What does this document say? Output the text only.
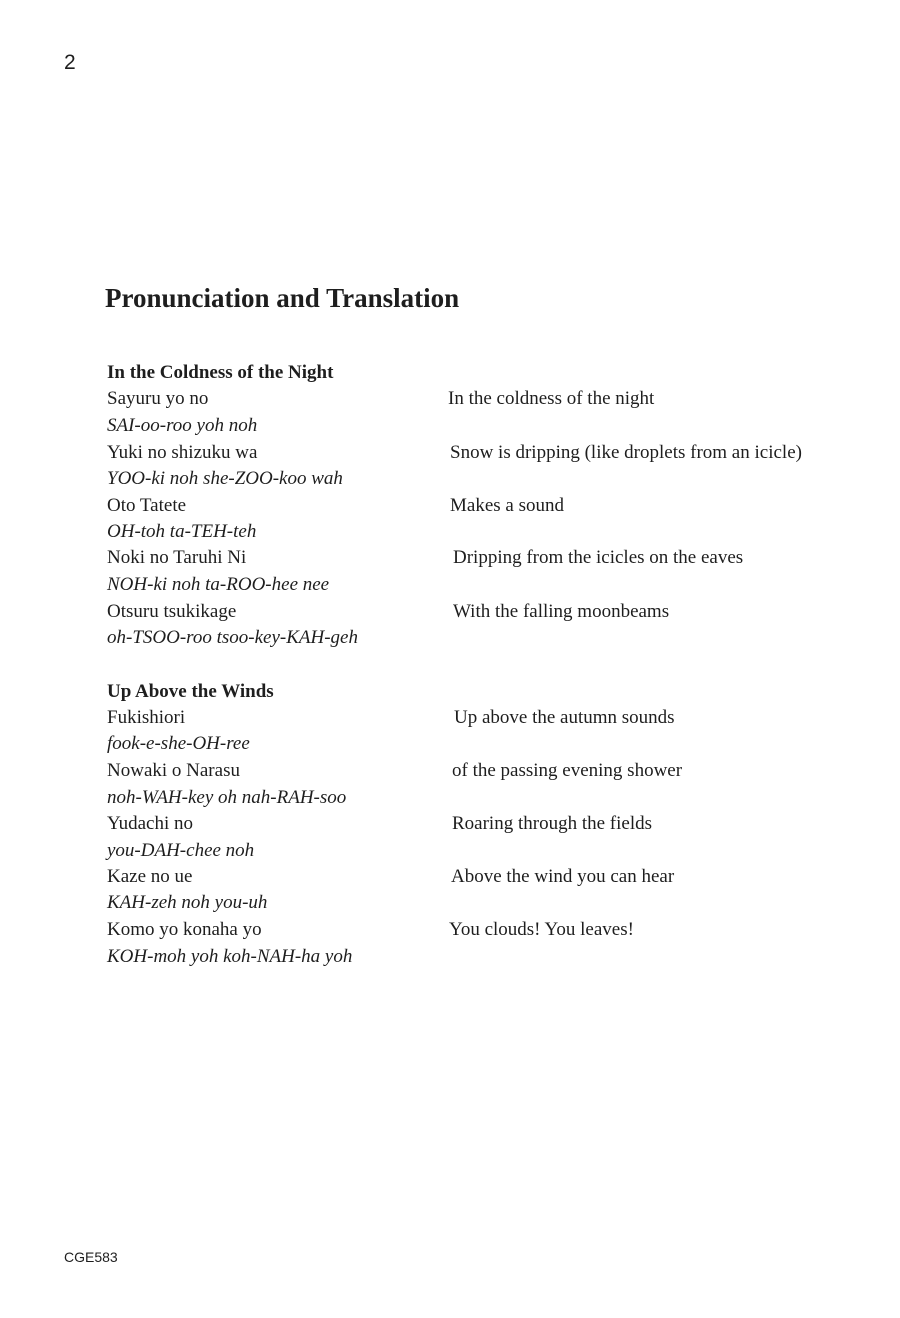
2
Pronunciation and Translation
In the Coldness of the Night
Sayuru yo no	In the coldness of the night
SAI-oo-roo yoh noh
Yuki no shizuku wa	Snow is dripping (like droplets from an icicle)
YOO-ki noh she-ZOO-koo wah
Oto Tatete	Makes a sound
OH-toh ta-TEH-teh
Noki no Taruhi Ni	Dripping from the icicles on the eaves
NOH-ki noh ta-ROO-hee nee
Otsuru tsukikage	With the falling moonbeams
oh-TSOO-roo tsoo-key-KAH-geh
Up Above the Winds
Fukishiori	Up above the autumn sounds
fook-e-she-OH-ree
Nowaki o Narasu	of the passing evening shower
noh-WAH-key oh nah-RAH-soo
Yudachi no	Roaring through the fields
you-DAH-chee noh
Kaze no ue	Above the wind you can hear
KAH-zeh noh you-uh
Komo yo konaha yo	You clouds! You leaves!
KOH-moh yoh koh-NAH-ha yoh
CGE583
